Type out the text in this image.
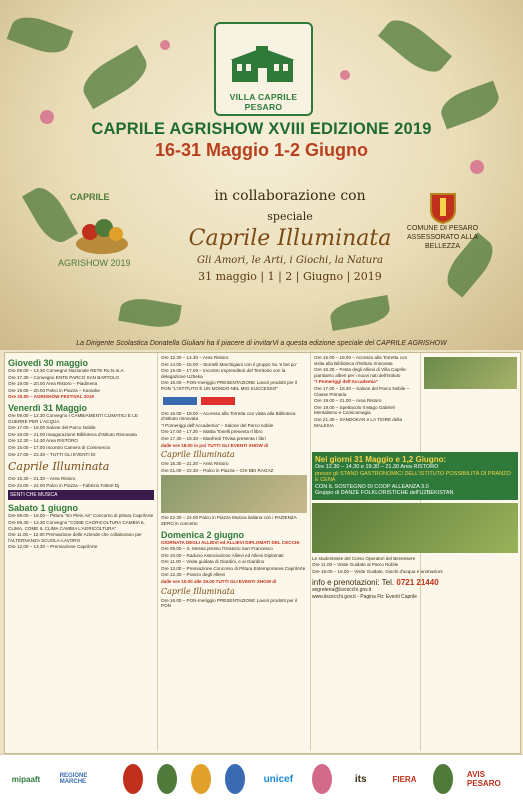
VILLA CAPRILE PESARO
CAPRILE AGRISHOW XVIII EDIZIONE 2019
16-31 Maggio 1-2 Giugno
CAPRILE
AGRISHOW 2019
in collaborazione con
speciale
Caprile Illuminata
Gli Amori, le Arti, i Giochi, la Natura
31 maggio | 1 | 2 | Giugno | 2019
COMUNE DI PESARO
ASSESSORATO ALLA BELLEZZA
La Dirigente Scolastica Donatella Giuliani ha il piacere di invitarVi a questa edizione speciale del CAPRILE AGRISHOW
Giovedì 30 maggio
Ore 09.00 – 13.30 Convegno Nazionale RETE Re.N.Is.A.
Ore 17.30 – Convegno ENTE PARCO SAN BARTOLO
Ore 19.00 – 20.00 Area Ristoro – Piadineria
Ore 19.00 – 20.00 Palco in Piazza – Karaoke
Ore 20.00 – AGRISHOW FESTIVAL 2019
Venerdì 31 Maggio
Ore 09.00 – 12.30 Convegno I CAMBIAMENTI CLIMATICI E LE GUERRE PER L'ACQUA
Ore 17.00 – 18.00 Salone del Parco Nobile
Ore 18.00 – 21.00 Inaugurazione Biblioteca d'Istituto Rinnovata
Ore 12.30 – 14.30 Area RISTORO
Ore 15.00 – 17.00 Incontro Camera di Commercio
Ore 17.00 – 22.30 – TUTTI GLI EVENTI DI
Caprile Illuminata
Ore 15.30 – 21.30 – Area Ristoro
Ore 22.00 – 24.00 Palco in Piazza – Fabrizio Fattori Dj
SENTI CHE MUSICA
Sabato 1 giugno
Ore 09.00 – 18.00 – Pittura "En Plein Air" Concorso di pittura CaprilArte
Ore 09.30 – 12.30 Convegno "COME CAGRICOLTURA CAMBIA IL CLIMA, COME IL CLIMA CAMBIA L'AGRICOLTURA"
Ore 11.00 – 12.00 Premiazione delle Aziende che collaborano per l'ALTERNANZA SCUOLA-LAVORO
Ore 12.00 – 13.30 – Premiazione CaprilArte
Ore 12.30 – 14.30 – Area Ristoro
Ore 14.00 – 15.00 – Storielli Marchigiani con il gruppo Su 'e bel po'
Ore 15.00 – 17.00 – Incontro Imprenditori del Territorio con la delegazione Uzbeka
Ore 16.00 – PON-meriggio PRESENTAZIONE Lavori prodotti per il PON "L'ISTITUTO È UN MONDO NEL MIO SUCCESSO"
Ore 16.00 – 18.00 – Accesso alla Torretta con visita alla Biblioteca d'Istituto rinnovata
"I Pomeriggi dell'Accademia" – Salone del Parco nobile
Ore 17.00 – 17.30 – Mattia Tonelli presenta Il libro
Ore 17.30 – 18.30 – Manfredi Trivisa presenta I libri
dalle ore 18.00 in poi TUTTI GLI EVENTI SHOW di
Caprile Illuminata
Ore 15.30 – 21.30 – Area Ristoro
Ore 21.00 – 22.30 – Palco in Piazza – CHI BEI RAGAZ
Ore 22.30 – 24.00 Palco in Piazza Musica italiana con i PAZIENZA ZERO in concerto
Domenica 2 giugno
GIORNATA DEGLI ALLIEVI ed ALLIEVI DIPLOMATI DEL CECCHI
Ore 09.00 – S. Messa presso l'Oratorio San Francesco
Ore 10.00 – Raduno Associazione Allievi ed Allievi Diplomati
Ore 11.00 – Visita guidata di Giardini, e al Giardino
Ore 12.00 – Premiazione Concorso di Pittura Estemporanea CaprilArte
Ore 12.30 – Pranzo degli Allievi
dalle ore 10.00 alle 19.00 TUTTI GLI EVENTI SHOW di
Caprile Illuminata
Ore 16.00 – PON-meriggio PRESENTAZIONE Lavori prodotti per il PON
Ore 15.00 – 18.00 – Accesso alla Torretta con visita alla Biblioteca d'Istituto rinnovata
Ore 16.30 – Festa degli Allievi di Villa Caprile: piantiamo alberi per i nuovi nati dell'Istituto
"I Pomeriggi dell'Accademia"
Ore 17.00 – 18.30 – Salone del Parco Nobile – Classe Primaria
Ore 19.00 – 21.00 – Area Ristoro
Ore 19.00 – Spettacolo Il Mago Gabriel! Mentalismo e Comicomagia
Ore 21.30 – SANDOKAN e LA TIGRE della MALESIA
Nei giorni 31 Maggio e 1,2 Giugno:
Ore 12.30 – 14.30 e 19.30 – 21.30 Area RISTORO
presso gli STAND GASTRONOMICI DELL'ISTITUTO POSSIBILITÀ DI PRANZO E CENA
CON IL SOSTEGNO DI COOP ALLEANZA 3.0
Gruppo di DANZE FOLKLORISTICHE dell'UZBEKISTAN
Le studentesse del Corso Operatori del Benessere
Ore 11.00 – Visite Guidate al Parco Nobile
Ore 15.00 – 16.00 – Visite Guidate, Giochi d'acqua e animazioni
info e prenotazioni: Tel. 0721 21440
segreteria@iiscecchi.gov.it
www.iiscecchi.gov.it - Pagina Fb: Eventi Caprile
mipaaft	REGIONE MARCHE	unicef	its	FIERA	AVIS PESARO
